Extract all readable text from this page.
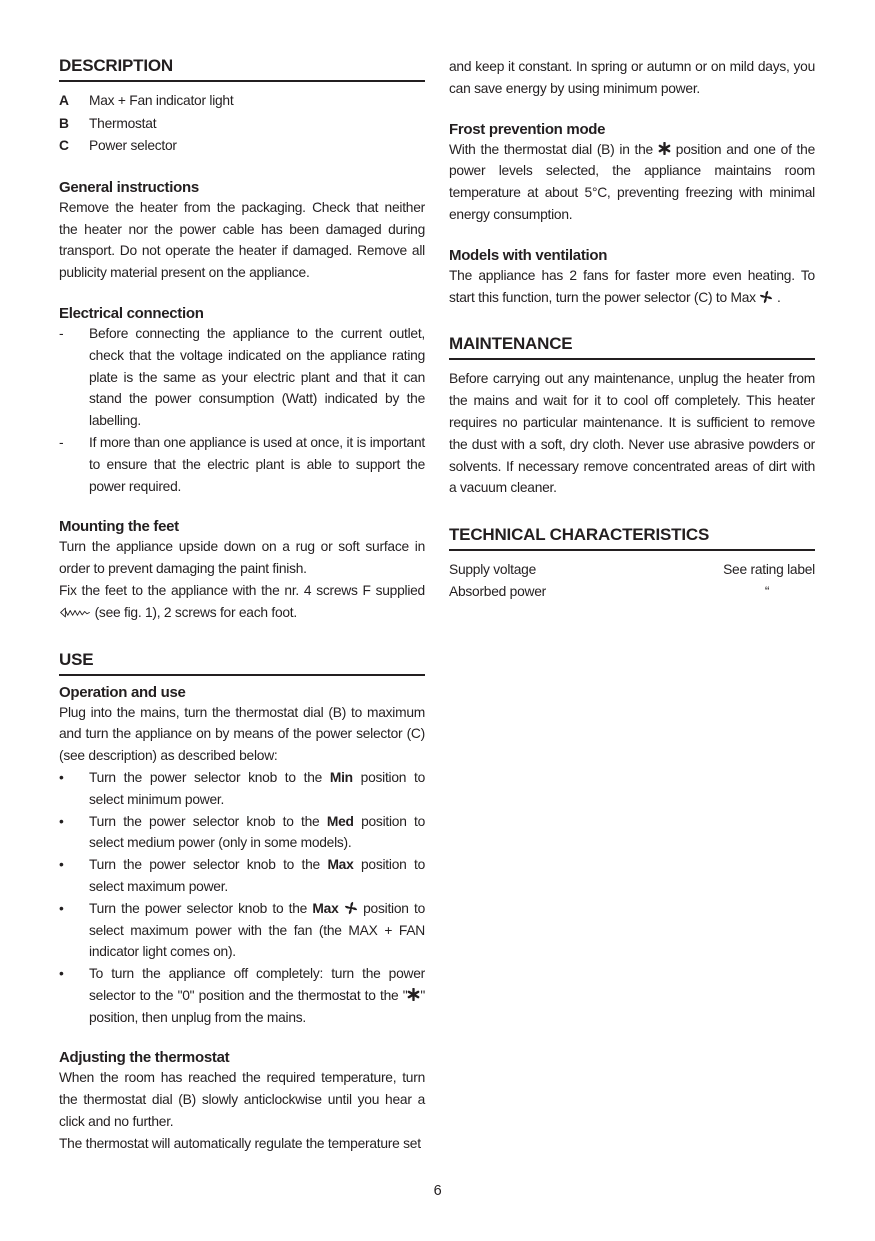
DESCRIPTION
A	Max + Fan indicator light
B	Thermostat
C	Power selector
General instructions

Remove the heater from the packaging. Check that neither the heater nor the power cable has been damaged during transport. Do not operate the heater if damaged. Remove all publicity material present on the appliance.

Electrical connection
-	Before connecting the appliance to the current outlet, check that the voltage indicated on the appliance rating plate is the same as your electric plant and that it can stand the power consumption (Watt) indicated by the labelling.
-	If more than one appliance is used at once, it is important to ensure that the electric plant is able to support the power required.
Mounting the feet

Turn the appliance upside down on a rug or soft surface in order to prevent damaging the paint finish.

Fix the feet to the appliance with the nr. 4 screws F supplied  (see fig. 1), 2 screws for each foot.

USE
Operation and use

Plug into the mains, turn the thermostat dial (B) to maximum and turn the appliance on by means of the power selector (C) (see description) as described below:

•	Turn the power selector knob to the Min position to select minimum power.
•	Turn the power selector knob to the Med position to select medium power (only in some models).
•	Turn the power selector knob to the Max position to select maximum power.
•	Turn the power selector knob to the Max  position to select maximum power with the fan (the MAX + FAN indicator light comes on).
•	To turn the appliance off completely: turn the power selector to the "0" position and the thermostat to the " " position, then unplug from the mains.
Adjusting the thermostat

When the room has reached the required temperature, turn the thermostat dial (B) slowly anticlockwise until you hear a click and no further.

The thermostat will automatically regulate the temperature set

and keep it constant. In spring or autumn or on mild days, you can save energy by using minimum power.

Frost prevention mode

With the thermostat dial (B) in the  position and one of the power levels selected, the appliance maintains room temperature at about 5°C, preventing freezing with minimal energy consumption.

Models with ventilation

The appliance has 2 fans for faster more even heating. To start this function, turn the power selector (C) to Max  .

MAINTENANCE

Before carrying out any maintenance, unplug the heater from the mains and wait for it to cool off completely. This heater requires no particular maintenance. It is sufficient to remove the dust with a soft, dry cloth. Never use abrasive powders or solvents. If necessary remove concentrated areas of dirt with a vacuum cleaner.

TECHNICAL CHARACTERISTICS
Supply voltage	See rating label
Absorbed power	“
6
